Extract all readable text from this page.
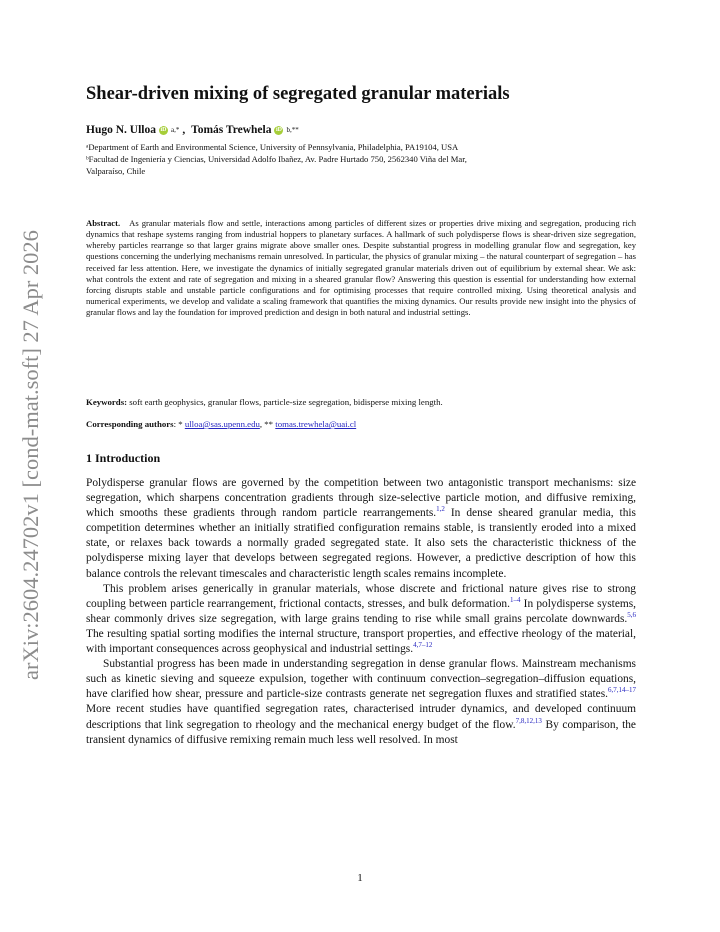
arXiv:2604.24702v1 [cond-mat.soft] 27 Apr 2026
Shear-driven mixing of segregated granular materials
Hugo N. Ulloa iD a,* , Tomás Trewhela iD b,**
ᵃDepartment of Earth and Environmental Science, University of Pennsylvania, Philadelphia, PA19104, USA
ᵇFacultad de Ingeniería y Ciencias, Universidad Adolfo Ibañez, Av. Padre Hurtado 750, 2562340 Viña del Mar,
Valparaíso, Chile
Abstract. As granular materials flow and settle, interactions among particles of different sizes or properties drive mixing and segregation, producing rich dynamics that reshape systems ranging from industrial hoppers to planetary surfaces. A hallmark of such polydisperse flows is shear-driven size segregation, whereby particles rearrange so that larger grains migrate above smaller ones. Despite substantial progress in modelling granular flow and segregation, key questions concerning the underlying mechanisms remain unresolved. In particular, the physics of granular mixing – the natural counterpart of segregation – has received far less attention. Here, we investigate the dynamics of initially segregated granular materials driven out of equilibrium by external shear. We ask: what controls the extent and rate of segregation and mixing in a sheared granular flow? Answering this question is essential for understanding how external forcing disrupts stable and unstable particle configurations and for optimising processes that require controlled mixing. Using theoretical analysis and numerical experiments, we develop and validate a scaling framework that quantifies the mixing dynamics. Our results provide new insight into the physics of granular flows and lay the foundation for improved prediction and design in both natural and industrial settings.
Keywords: soft earth geophysics, granular flows, particle-size segregation, bidisperse mixing length.
Corresponding authors: * ulloa@sas.upenn.edu, ** tomas.trewhela@uai.cl
1 Introduction

Polydisperse granular flows are governed by the competition between two antagonistic transport mechanisms: size segregation, which sharpens concentration gradients through size-selective particle motion, and diffusive remixing, which smooths these gradients through random particle rearrangements.$^{1,2}$ In dense sheared granular media, this competition determines whether an initially stratified configuration remains stable, is transiently eroded into a mixed state, or relaxes back towards a normally graded segregated state. It also sets the characteristic thickness of the polydisperse mixing layer that develops between segregated regions. However, a predictive description of how this balance controls the relevant timescales and characteristic length scales remains incomplete.

This problem arises generically in granular materials, whose discrete and frictional nature gives rise to strong coupling between particle rearrangement, frictional contacts, stresses, and bulk deformation.$^{1-4}$ In polydisperse systems, shear commonly drives size segregation, with large grains tending to rise while small grains percolate downwards.$^{5,6}$ The resulting spatial sorting modifies the internal structure, transport properties, and effective rheology of the material, with important consequences across geophysical and industrial settings.$^{4,7-12}$

Substantial progress has been made in understanding segregation in dense granular flows. Mainstream mechanisms such as kinetic sieving and squeeze expulsion, together with continuum convection–segregation–diffusion equations, have clarified how shear, pressure and particle-size contrasts generate net segregation fluxes and stratified states.$^{6,7,14-17}$ More recent studies have quantified segregation rates, characterised intruder dynamics, and developed continuum descriptions that link segregation to rheology and the mechanical energy budget of the flow.$^{7,8,12,13}$ By comparison, the transient dynamics of diffusive remixing remain much less well resolved. In most

1
